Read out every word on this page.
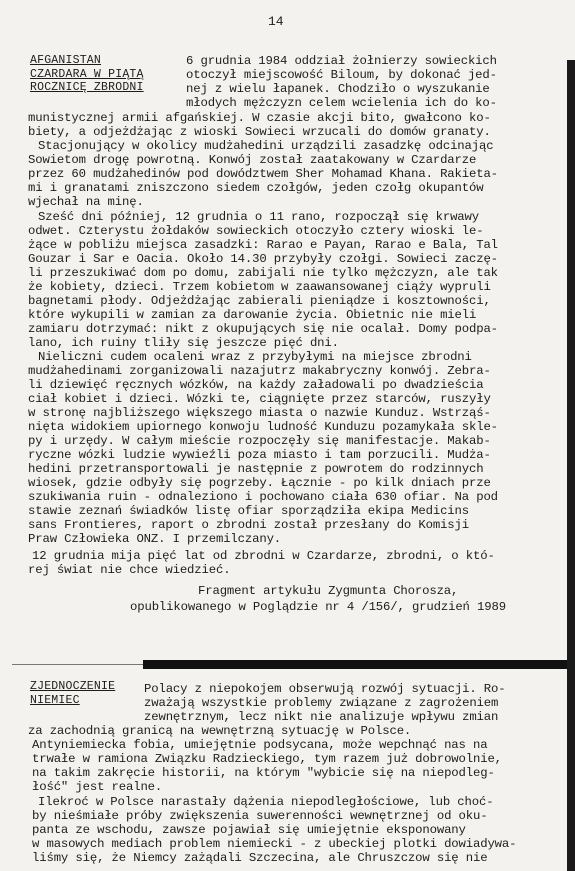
14
AFGANISTAN
CZARDARA W PIĄTĄ
ROCZNICĘ ZBRODNI
6 grudnia 1984 oddział żołnierzy sowieckich
otoczył miejscowość Biloum, by dokonać jed-
nej z wielu łapanek. Chodziło o wyszukanie
młodych mężczyzn celem wcielenia ich do ko-
munistycznej armii afgańskiej. W czasie akcji bito, gwałcono ko-
biety, a odjeżdżając z wioski Sowieci wrzucali do domów granaty.
Stacjonujący w okolicy mudżahedini urządzili zasadzkę odcinając
Sowietom drogę powrotną. Konwój został zaatakowany w Czardarze
przez 60 mudżahedinów pod dowództwem Sher Mohamad Khana. Rakieta-
mi i granatami zniszczono siedem czołgów, jeden czołg okupantów
wjechał na minę.
Sześć dni później, 12 grudnia o 11 rano, rozpoczął się krwawy
odwet. Czterystu żołdaków sowieckich otoczyło cztery wioski le-
żące w pobliżu miejsca zasadzki: Rarao e Payan, Rarao e Bala, Tal
Gouzar i Sar e Oacia. Około 14.30 przybyły czołgi. Sowieci zaczę-
li przeszukiwać dom po domu, zabijali nie tylko mężczyzn, ale tak
że kobiety, dzieci. Trzem kobietom w zaawansowanej ciąży wypruli
bagnetami płody. Odjeżdżając zabierali pieniądze i kosztowności,
które wykupili w zamian za darowanie życia. Obietnic nie mieli
zamiaru dotrzymać: nikt z okupujących się nie ocalał. Domy podpa-
lano, ich ruiny tliły się jeszcze pięć dni.
Nieliczni cudem ocaleni wraz z przybyłymi na miejsce zbrodni
mudżahedinami zorganizowali nazajutrz makabryczny konwój. Zebra-
li dziewięć ręcznych wózków, na każdy załadowali po dwadzieścia
ciał kobiet i dzieci. Wózki te, ciągnięte przez starców, ruszyły
w stronę najbliższego większego miasta o nazwie Kunduz. Wstrząś-
nięta widokiem upiornego konwoju ludność Kunduzu pozamykała skle-
py i urzędy. W całym mieście rozpoczęły się manifestacje. Makab-
ryczne wózki ludzie wywieźli poza miasto i tam porzucili. Mudża-
hedini przetransportowali je następnie z powrotem do rodzinnych
wiosek, gdzie odbyły się pogrzeby. Łącznie - po kilk dniach prze
szukiwania ruin - odnaleziono i pochowano ciała 630 ofiar. Na pod
stawie zeznań świadków listę ofiar sporządziła ekipa Medicins
sans Frontieres, raport o zbrodni został przesłany do Komisji
Praw Człowieka ONZ. I przemilczany.
12 grudnia mija pięć lat od zbrodni w Czardarze, zbrodni, o któ-
rej świat nie chce wiedzieć.
Fragment artykułu Zygmunta Chorosza,
opublikowanego w Poglądzie nr 4 /156/, grudzień 1989
ZJEDNOCZENIE
NIEMIEC
Polacy z niepokojem obserwują rozwój sytuacji. Ro-
zważają wszystkie problemy związane z zagrożeniem
zewnętrznym, lecz nikt nie analizuje wpływu zmian
za zachodnią granicą na wewnętrzną sytuację w Polsce.
Antyniemiecka fobia, umiejętnie podsycana, może wepchnąć nas na
trwałe w ramiona Związku Radzieckiego, tym razem już dobrowolnie,
na takim zakręcie historii, na którym "wybicie się na niepodleg-
łość" jest realne.
Ilekroć w Polsce narastały dążenia niepodległościowe, lub choć-
by nieśmiałe próby zwiększenia suwerenności wewnętrznej od oku-
panta ze wschodu, zawsze pojawiał się umiejętnie eksponowany
w masowych mediach problem niemiecki - z ubeckiej plotki dowiadywa-
liśmy się, że Niemcy zażądali Szczecina, ale Chruszczow się nie
